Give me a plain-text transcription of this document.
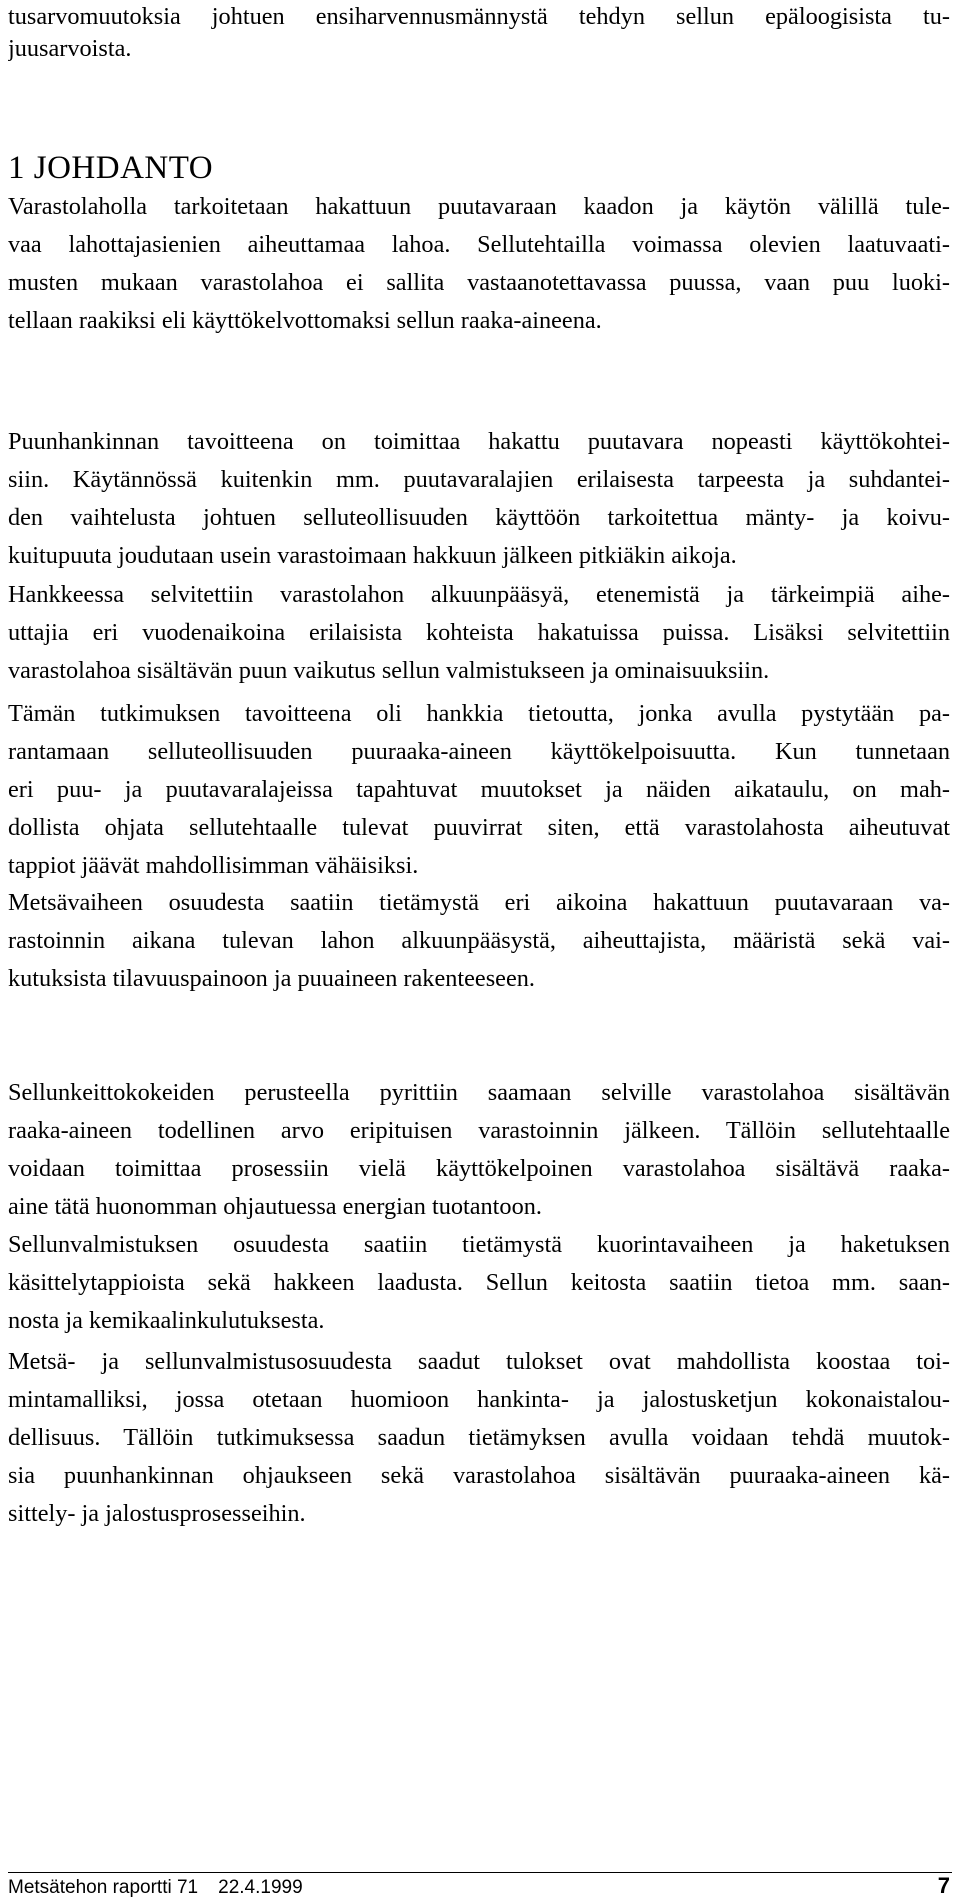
tusarvomuutoksia johtuen ensiharvennusmännystä tehdyn sellun epäloogisista tu-
juusarvoista.
1 JOHDANTO
Varastolaholla tarkoitetaan hakattuun puutavaraan kaadon ja käytön välillä tule-
vaa lahottajasienien aiheuttamaa lahoa. Sellutehtailla voimassa olevien laatuvaati-
musten mukaan varastolahoa ei sallita vastaanotettavassa puussa, vaan puu luoki-
tellaan raakiksi eli käyttökelvottomaksi sellun raaka-aineena.
Puunhankinnan tavoitteena on toimittaa hakattu puutavara nopeasti käyttökohtei-
siin. Käytännössä kuitenkin mm. puutavaralajien erilaisesta tarpeesta ja suhdantei-
den vaihtelusta johtuen selluteollisuuden käyttöön tarkoitettua mänty- ja koivu-
kuitupuuta joudutaan usein varastoimaan hakkuun jälkeen pitkiäkin aikoja.
Hankkeessa selvitettiin varastolahon alkuunpääsyä, etenemistä ja tärkeimpiä aihe-
uttajia eri vuodenaikoina erilaisista kohteista hakatuissa puissa. Lisäksi selvitettiin
varastolahoa sisältävän puun vaikutus sellun valmistukseen ja ominaisuuksiin.
Tämän tutkimuksen tavoitteena oli hankkia tietoutta, jonka avulla pystytään pa-
rantamaan selluteollisuuden puuraaka-aineen käyttökelpoisuutta. Kun tunnetaan
eri puu- ja puutavaralajeissa tapahtuvat muutokset ja näiden aikataulu, on mah-
dollista ohjata sellutehtaalle tulevat puuvirrat siten, että varastolahosta aiheutuvat
tappiot jäävät mahdollisimman vähäisiksi.
Metsävaiheen osuudesta saatiin tietämystä eri aikoina hakattuun puutavaraan va-
rastoinnin aikana tulevan lahon alkuunpääsystä, aiheuttajista, määristä sekä vai-
kutuksista tilavuuspainoon ja puuaineen rakenteeseen.
Sellunkeittokokeiden perusteella pyrittiin saamaan selville varastolahoa sisältävän
raaka-aineen todellinen arvo eripituisen varastoinnin jälkeen. Tällöin sellutehtaalle
voidaan toimittaa prosessiin vielä käyttökelpoinen varastolahoa sisältävä raaka-
aine tätä huonomman ohjautuessa energian tuotantoon.
Sellunvalmistuksen osuudesta saatiin tietämystä kuorintavaiheen ja haketuksen
käsittelytappioista sekä hakkeen laadusta. Sellun keitosta saatiin tietoa mm. saan-
nosta ja kemikaalinkulutuksesta.
Metsä- ja sellunvalmistusosuudesta saadut tulokset ovat mahdollista koostaa toi-
mintamalliksi, jossa otetaan huomioon hankinta- ja jalostusketjun kokonaistalou-
dellisuus. Tällöin tutkimuksessa saadun tietämyksen avulla voidaan tehdä muutok-
sia puunhankinnan ohjaukseen sekä varastolahoa sisältävän puuraaka-aineen kä-
sittely- ja jalostusprosesseihin.
Metsätehon raportti 71 22.4.1999	7
